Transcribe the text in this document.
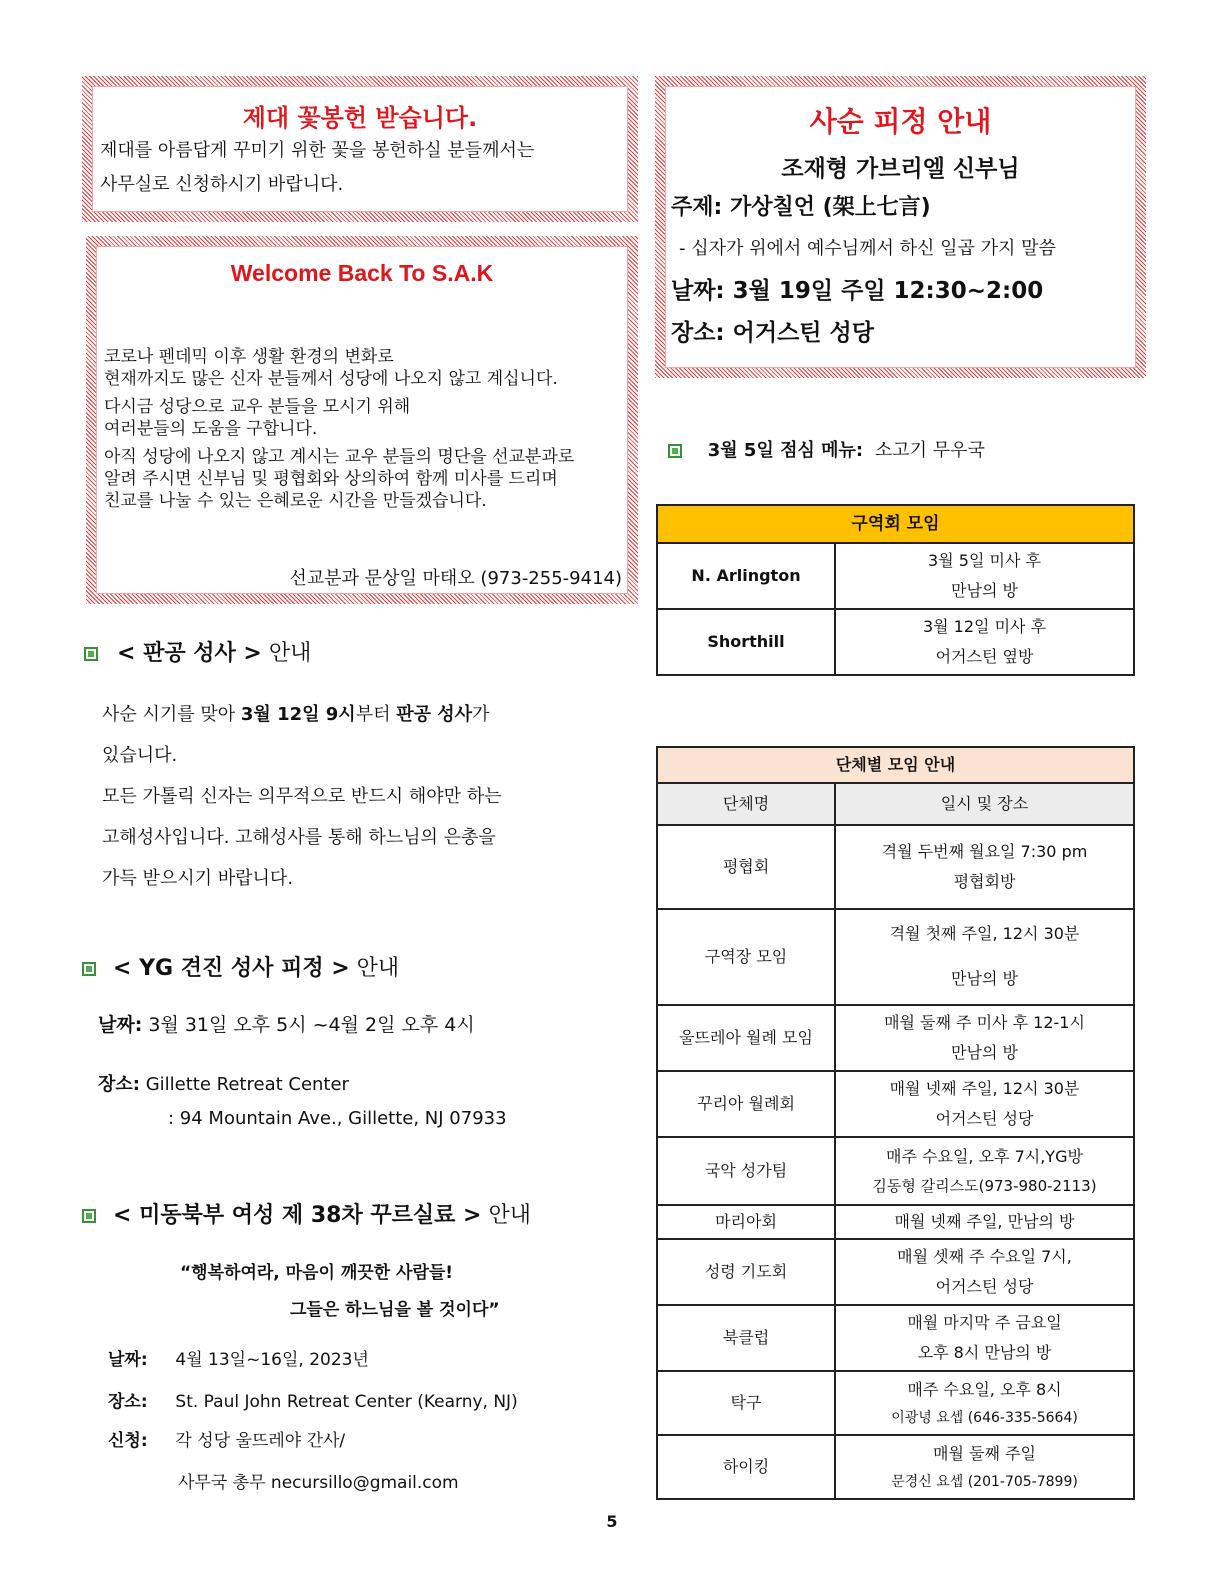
제대 꽃봉헌 받습니다.
제대를 아름답게 꾸미기 위한 꽃을 봉헌하실 분들께서는
사무실로 신청하시기 바랍니다.
Welcome Back To S.A.K
코로나 펜데믹 이후 생활 환경의 변화로
현재까지도 많은 신자 분들께서 성당에 나오지 않고 계십니다.
다시금 성당으로 교우 분들을 모시기 위해
여러분들의 도움을 구합니다.
아직 성당에 나오지 않고 계시는 교우 분들의 명단을 선교분과로
알려 주시면 신부님 및 평협회와 상의하여 함께 미사를 드리며
친교를 나눌 수 있는 은혜로운 시간을 만들겠습니다.
선교분과 문상일 마태오 (973-255-9414)
< 판공 성사 > 안내
사순 시기를 맞아 3월 12일 9시부터 판공 성사가
있습니다.
모든 가톨릭 신자는 의무적으로 반드시 해야만 하는
고해성사입니다. 고해성사를 통해 하느님의 은총을
가득 받으시기 바랍니다.
< YG 견진 성사 피정 > 안내
날짜: 3월 31일 오후 5시 ~4월 2일 오후 4시
장소: Gillette Retreat Center
: 94 Mountain Ave., Gillette, NJ 07933
< 미동북부 여성 제 38차 꾸르실료 > 안내
“행복하여라, 마음이 깨끗한 사람들!
그들은 하느님을 볼 것이다”
날짜: 4월 13일~16일, 2023년
장소: St. Paul John Retreat Center (Kearny, NJ)
신청: 각 성당 울뜨레야 간사/
사무국 총무 necursillo@gmail.com
사순 피정 안내
조재형 가브리엘 신부님
주제: 가상칠언 (架上七言)
- 십자가 위에서 예수님께서 하신 일곱 가지 말씀
날짜: 3월 19일 주일 12:30~2:00
장소: 어거스틴 성당
3월 5일 점심 메뉴: 소고기 무우국
구역회 모임	
N. Arlington	3월 5일 미사 후
만남의 방

Shorthill	3월 12일 미사 후
어거스틴 옆방
단체별 모임 안내	
단체명	일시 및 장소
평협회	격월 두번째 월요일 7:30 pm
평협회방

구역장 모임	격월 첫째 주일, 12시 30분
만남의 방

울뜨레아 월례 모임	매월 둘째 주 미사 후 12-1시
만남의 방

꾸리아 월례회	매월 넷째 주일, 12시 30분
어거스틴 성당

국악 성가팀	매주 수요일, 오후 7시,YG방
김동형 갈리스도(973-980-2113)

마리아회	매월 넷째 주일, 만남의 방

성령 기도회	매월 셋째 주 수요일 7시,
어거스틴 성당

북클럽	매월 마지막 주 금요일
오후 8시 만남의 방

탁구	매주 수요일, 오후 8시
이광녕 요셉 (646-335-5664)

하이킹	매월 둘째 주일
문경신 요셉 (201-705-7899)
5
